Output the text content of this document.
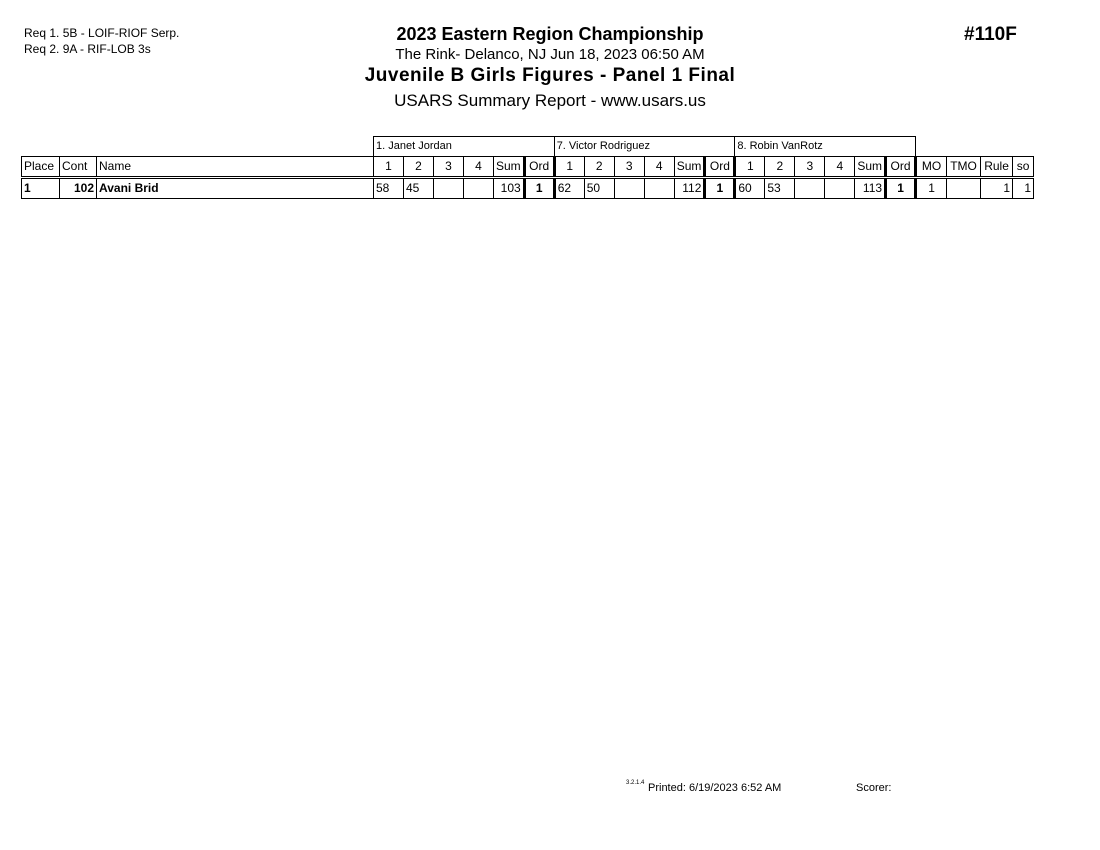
Req 1. 5B - LOIF-RIOF Serp.
Req 2. 9A - RIF-LOB 3s
2023 Eastern Region Championship
The Rink- Delanco, NJ Jun 18, 2023 06:50 AM
Juvenile B Girls Figures - Panel 1 Final
USARS Summary Report - www.usars.us
#110F
			1. Janet Jordan						7. Victor Rodriguez						8. Robin VanRotz									
Place	Cont	Name	1	2	3	4	Sum	Ord	1	2	3	4	Sum	Ord	1	2	3	4	Sum	Ord	MO	TMO	Rule	so
1	102	Avani Brid	58	45			103	1	62	50			112	1	60	53			113	1	1		1	1
3.2.1.4 Printed: 6/19/2023 6:52 AM	Scorer:
